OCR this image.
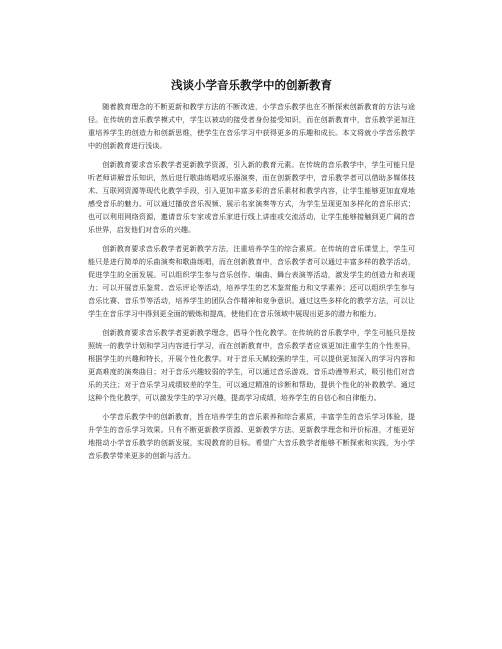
浅谈小学音乐教学中的创新教育

随着教育理念的不断更新和教学方法的不断改进，小学音乐教学也在不断探索创新教育的方法与途径。在传统的音乐教学模式中，学生以被动的接受者身份接受知识，而在创新教育中，音乐教学更加注重培养学生的创造力和创新思维，使学生在音乐学习中获得更多的乐趣和成长。本文将就小学音乐教学中的创新教育进行浅谈。

创新教育要求音乐教学者更新教学资源，引入新的教育元素。在传统的音乐教学中，学生可能只是听老师讲解音乐知识，然后进行歌曲练唱或乐器演奏，而在创新教学中，音乐教学者可以借助多媒体技术、互联网资源等现代化教学手段，引入更加丰富多彩的音乐素材和教学内容，让学生能够更加直观地感受音乐的魅力。可以通过播放音乐视频、展示名家演奏等方式，为学生呈现更加多样化的音乐形式；也可以利用网络资源，邀请音乐专家或音乐家进行线上讲座或交流活动，让学生能够接触到更广阔的音乐世界，启发他们对音乐的兴趣。

创新教育要求音乐教学者更新教学方法，注重培养学生的综合素质。在传统的音乐课堂上，学生可能只是进行简单的乐曲演奏和歌曲练唱，而在创新教育中，音乐教学者可以通过丰富多样的教学活动，促进学生的全面发展。可以组织学生参与音乐创作、编曲、舞台表演等活动，激发学生的创造力和表现力；可以开展音乐鉴赏、音乐评论等活动，培养学生的艺术鉴赏能力和文学素养；还可以组织学生参与音乐比赛、音乐节等活动，培养学生的团队合作精神和竞争意识。通过这些多样化的教学方法，可以让学生在音乐学习中得到更全面的锻炼和提高，使他们在音乐领域中展现出更多的潜力和能力。

创新教育要求音乐教学者更新教学理念，倡导个性化教学。在传统的音乐教学中，学生可能只是按照统一的教学计划和学习内容进行学习，而在创新教育中，音乐教学者应该更加注重学生的个性差异，根据学生的兴趣和特长，开展个性化教学。对于音乐天赋较强的学生，可以提供更加深入的学习内容和更高难度的演奏曲目；对于音乐兴趣较弱的学生，可以通过音乐游戏、音乐动漫等形式，吸引他们对音乐的关注；对于音乐学习成绩较差的学生，可以通过精准的诊断和帮助，提供个性化的补救教学。通过这种个性化教学，可以激发学生的学习兴趣，提高学习成绩，培养学生的自信心和自律能力。

小学音乐教学中的创新教育，旨在培养学生的音乐素养和综合素质，丰富学生的音乐学习体验，提升学生的音乐学习效果。只有不断更新教学资源、更新教学方法、更新教学理念和评价标准，才能更好地推动小学音乐教学的创新发展，实现教育的目标。希望广大音乐教学者能够不断探索和实践，为小学音乐教学带来更多的创新与活力。
